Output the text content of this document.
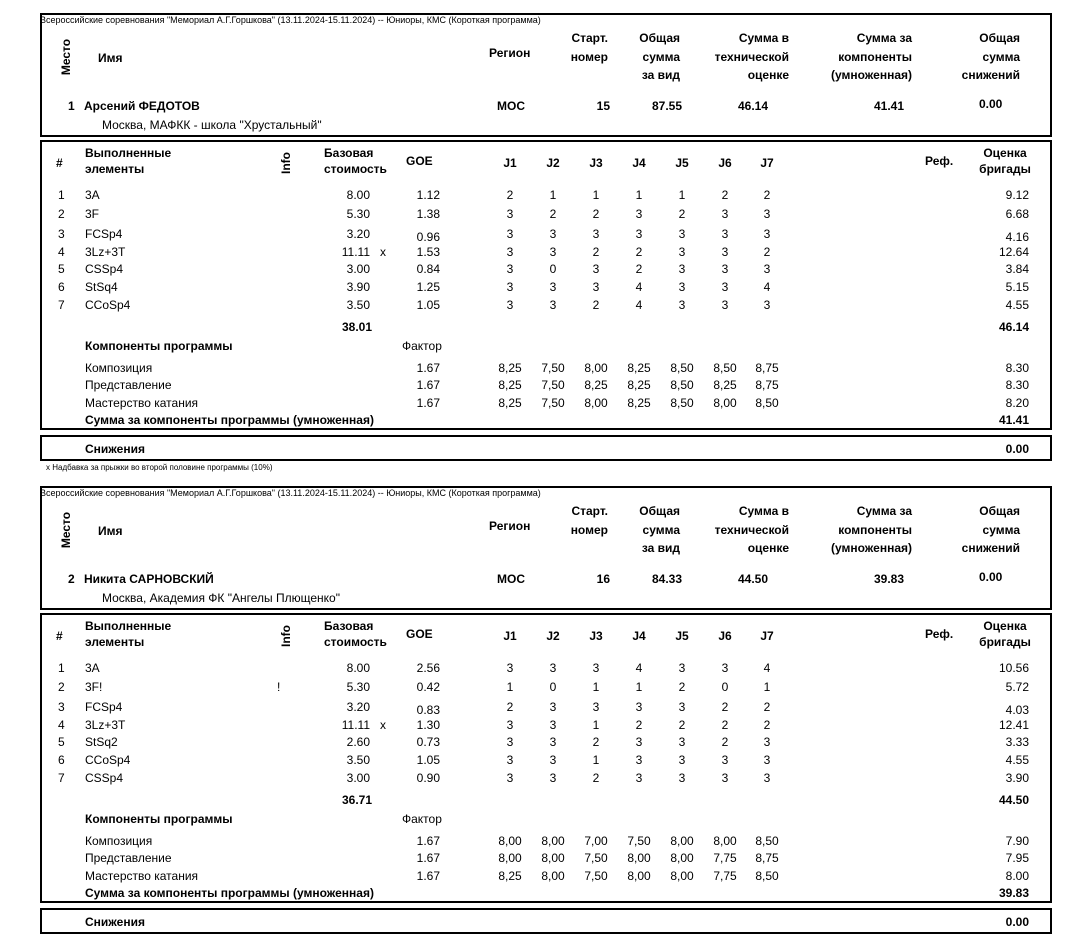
Всероссийские соревнования "Мемориал А.Г.Горшкова" (13.11.2024-15.11.2024) -- Юниоры, КМС (Короткая программа)
Место Имя	Регион
Старт.
номер
Общая
сумма
за вид
Сумма в
технической
оценке
Сумма за
компоненты
(умноженная)
Общая
сумма
снижений
1 Арсений ФЕДОТОВ
Москва, МАФКК - школа "Хрустальный"
МОС	15	87.55	46.14	41.41	0.00
#
Выполненные
элементы	Info	Базовая
стоимость
GOE	J1	J2	J3	J4	J5	J6	J7	Реф.
Оценка
бригады
1 3A	8.00	1.12	2	1	1	1	1	2	2	9.12
2 3F	5.30	1.38	3	2	2	3	2	3	3	6.68
3 FCSp4	3.20	0.96	3	3	3	3	3	3	3	4.16
4 3Lz+3T	11.11 x	1.53	3	3	2	2	3	3	2	12.64
5 CSSp4	3.00	0.84	3	0	3	2	3	3	3	3.84
6 StSq4	3.90	1.25	3	3	3	4	3	3	4	5.15
7 CCoSp4	3.50	1.05	3	3	2	4	3	3	3	4.55
38.01	46.14
Компоненты программы	Фактор
Композиция	1.67	8,25	7,50	8,00	8,25	8,50	8,50	8,75	8.30
Представление	1.67	8,25	7,50	8,25	8,25	8,50	8,25	8,75	8.30
Мастерство катания	1.67	8,25	7,50	8,00	8,25	8,50	8,00	8,50	8.20
Сумма за компоненты программы (умноженная)	41.41
Снижения	0.00
x Надбавка за прыжки во второй половине программы (10%)
Всероссийские соревнования "Мемориал А.Г.Горшкова" (13.11.2024-15.11.2024) -- Юниоры, КМС (Короткая программа)
Место Имя	Регион
Старт.
номер
Общая
сумма
за вид
Сумма в
технической
оценке
Сумма за
компоненты
(умноженная)
Общая
сумма
снижений
2 Никита САРНОВСКИЙ
Москва, Академия ФК "Ангелы Плющенко"
МОС	16	84.33	44.50	39.83	0.00
#
Выполненные
элементы	Info	Базовая
стоимость
GOE	J1	J2	J3	J4	J5	J6	J7	Реф.
Оценка
бригады
1 3A	8.00	2.56	3	3	3	4	3	3	4	10.56
2 3F!	!	5.30	0.42	1	0	1	1	2	0	1	5.72
3 FCSp4	3.20	0.83	2	3	3	3	3	2	2	4.03
4 3Lz+3T	11.11 x	1.30	3	3	1	2	2	2	2	12.41
5 StSq2	2.60	0.73	3	3	2	3	3	2	3	3.33
6 CCoSp4	3.50	1.05	3	3	1	3	3	3	3	4.55
7 CSSp4	3.00	0.90	3	3	2	3	3	3	3	3.90
36.71	44.50
Компоненты программы	Фактор
Композиция	1.67	8,00	8,00	7,00	7,50	8,00	8,00	8,50	7.90
Представление	1.67	8,00	8,00	7,50	8,00	8,00	7,75	8,75	7.95
Мастерство катания	1.67	8,25	8,00	7,50	8,00	8,00	7,75	8,50	8.00
Сумма за компоненты программы (умноженная)	39.83
Снижения	0.00
